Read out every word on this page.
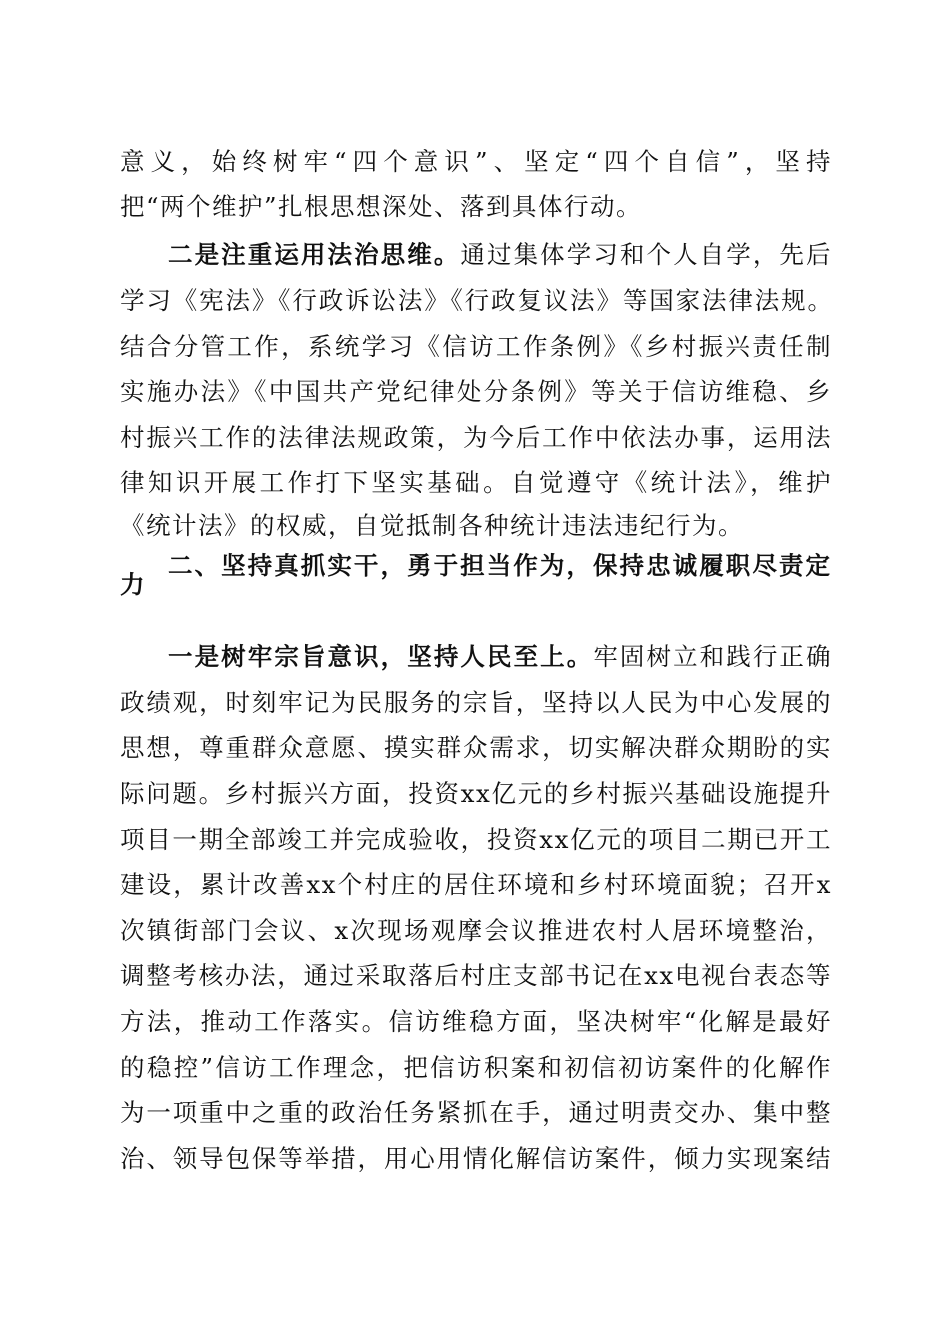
意义，始终树牢“四个意识”、坚定“四个自信”，坚持
把“两个维护”扎根思想深处、落到具体行动。
二是注重运用法治思维。通过集体学习和个人自学，先后
学习《宪法》《行政诉讼法》《行政复议法》等国家法律法规。
结合分管工作，系统学习《信访工作条例》《乡村振兴责任制
实施办法》《中国共产党纪律处分条例》等关于信访维稳、乡
村振兴工作的法律法规政策，为今后工作中依法办事，运用法
律知识开展工作打下坚实基础。自觉遵守《统计法》，维护
《统计法》的权威，自觉抵制各种统计违法违纪行为。
二、坚持真抓实干，勇于担当作为，保持忠诚履职尽责定
力
一是树牢宗旨意识，坚持人民至上。牢固树立和践行正确
政绩观，时刻牢记为民服务的宗旨，坚持以人民为中心发展的
思想，尊重群众意愿、摸实群众需求，切实解决群众期盼的实
际问题。乡村振兴方面，投资xx亿元的乡村振兴基础设施提升
项目一期全部竣工并完成验收，投资xx亿元的项目二期已开工
建设，累计改善xx个村庄的居住环境和乡村环境面貌；召开x
次镇街部门会议、x次现场观摩会议推进农村人居环境整治，
调整考核办法，通过采取落后村庄支部书记在xx电视台表态等
方法，推动工作落实。信访维稳方面，坚决树牢“化解是最好
的稳控”信访工作理念，把信访积案和初信初访案件的化解作
为一项重中之重的政治任务紧抓在手，通过明责交办、集中整
治、领导包保等举措，用心用情化解信访案件，倾力实现案结
